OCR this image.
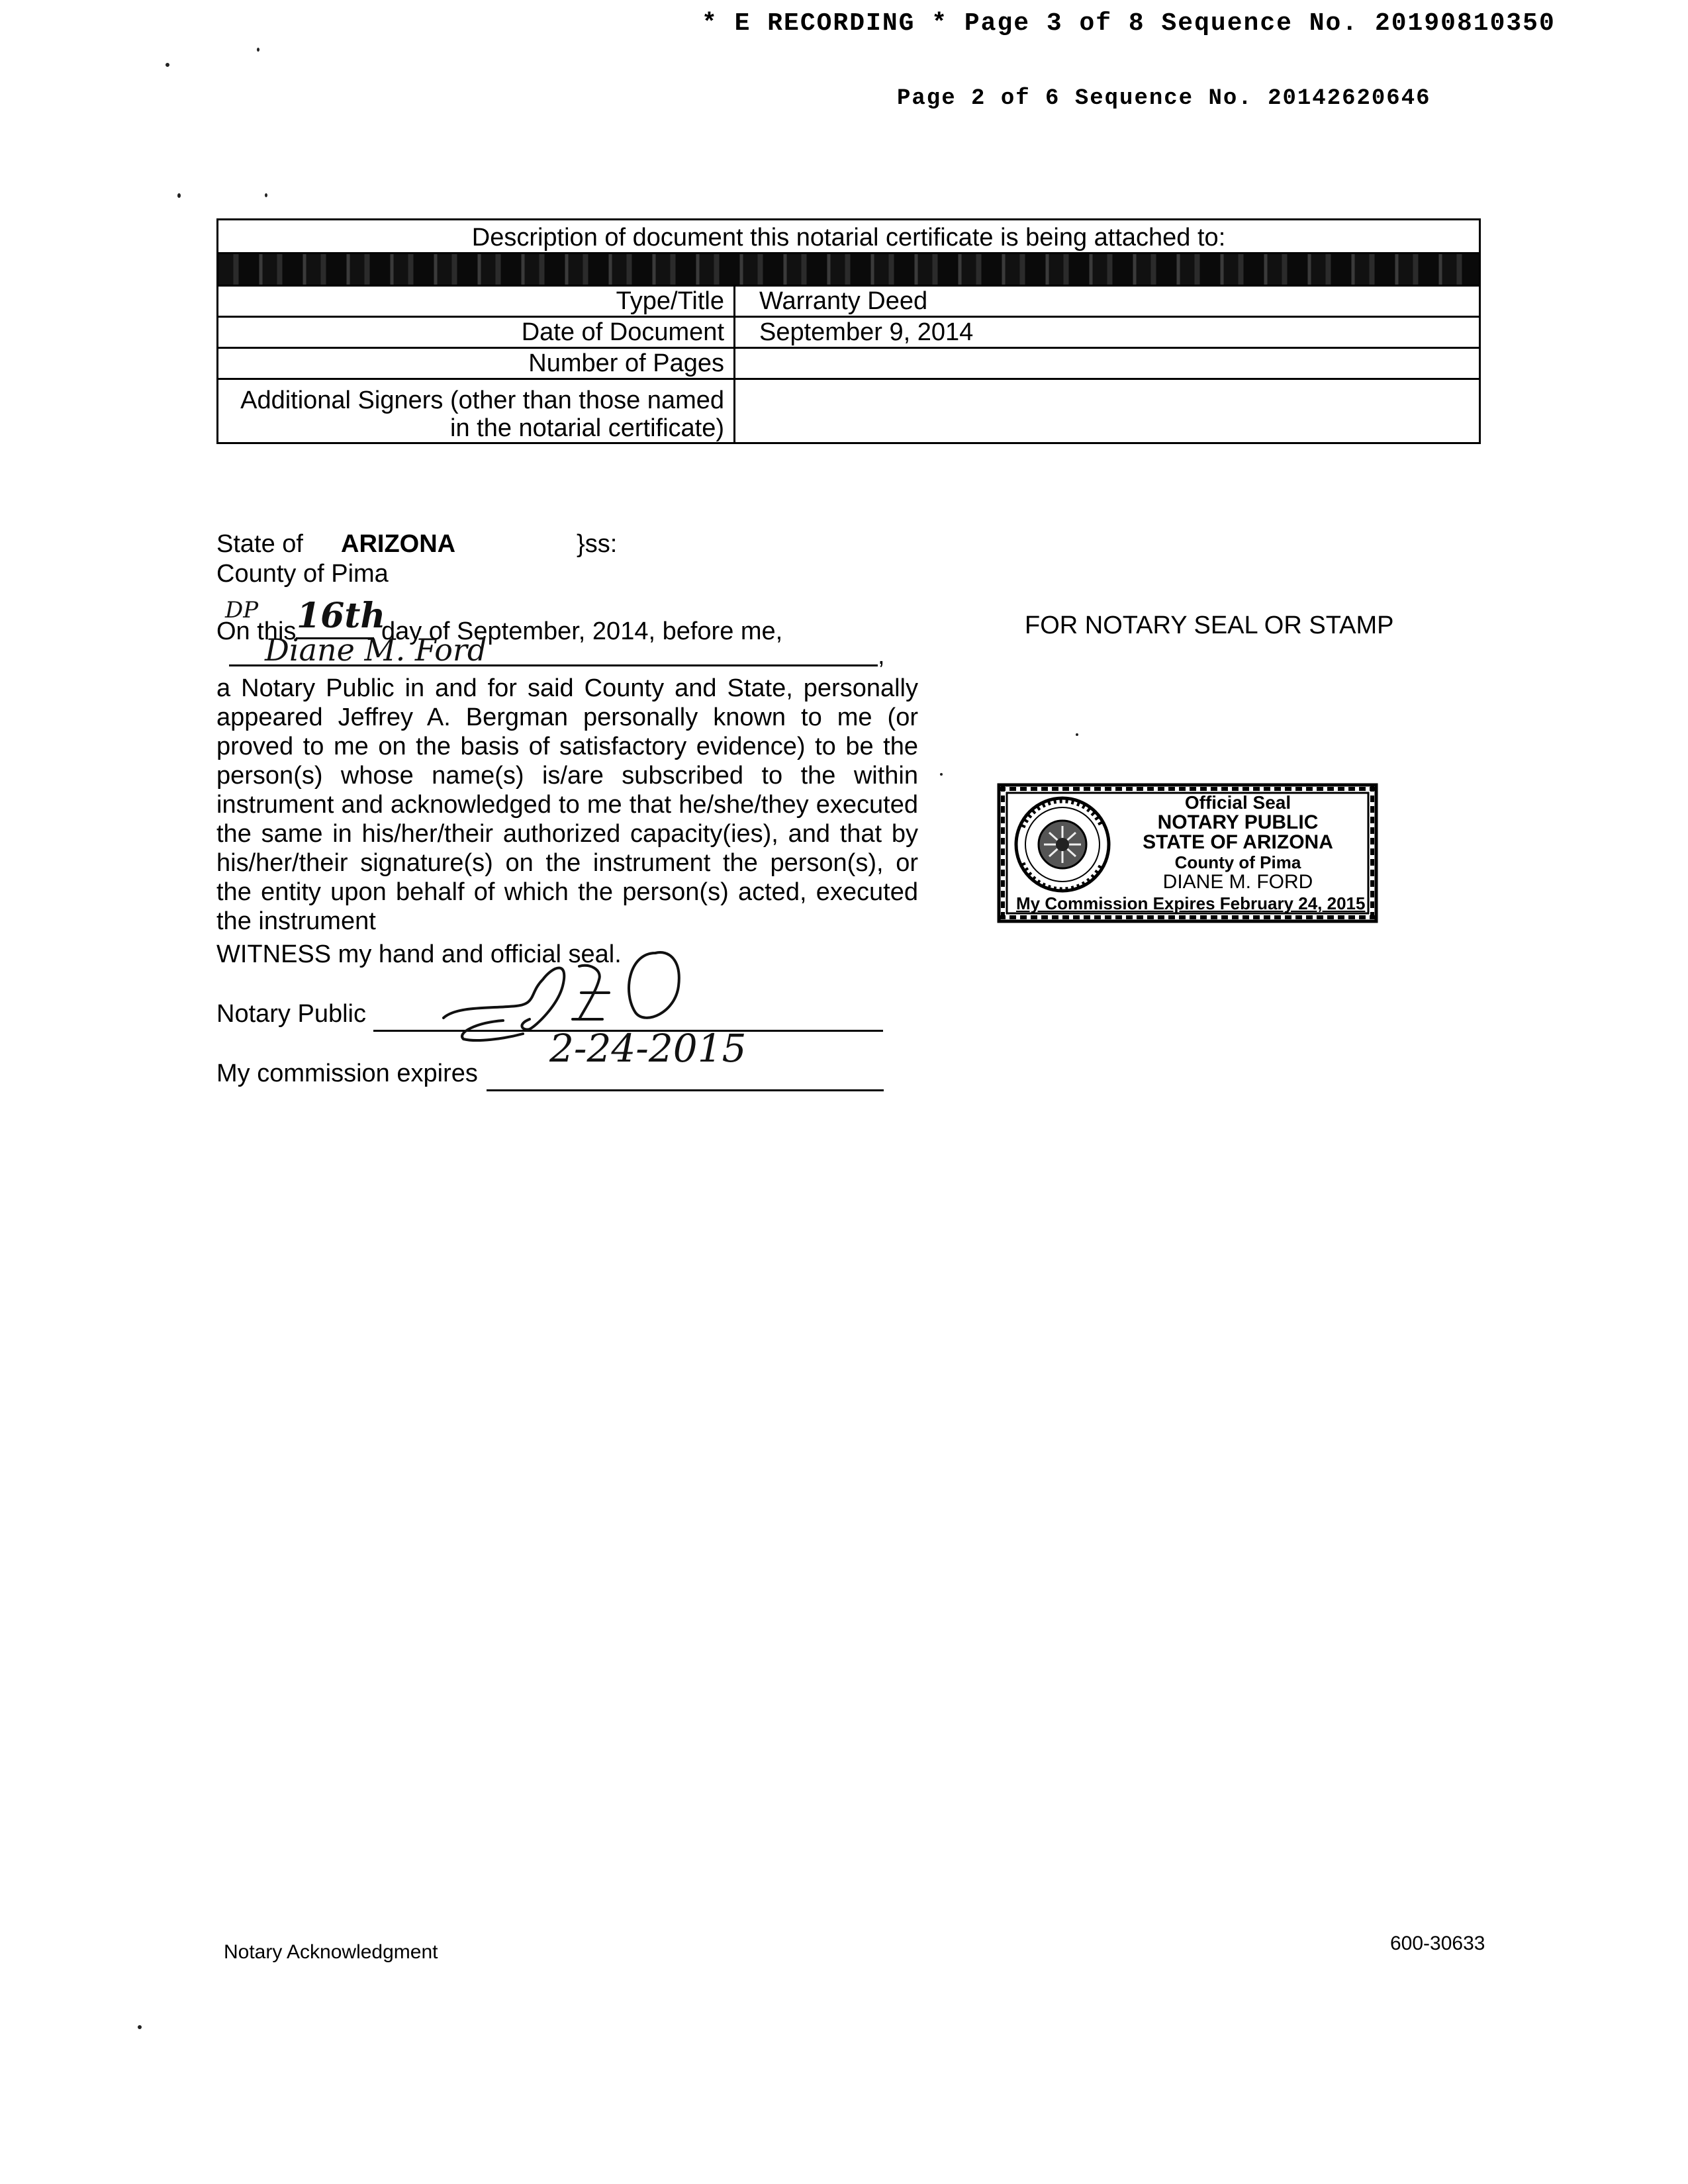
* E RECORDING * Page 3 of 8 Sequence No. 20190810350
Page 2 of 6 Sequence No. 20142620646
Description of document this notarial certificate is being attached to:	

Type/Title	Warranty Deed
Date of Document	September 9, 2014
Number of Pages	
Additional Signers (other than those named
in the notarial certificate)	
State of ARIZONA	}ss:
County of Pima
On this	day of September, 2014, before me,
DP 16th	FOR NOTARY SEAL OR STAMP
Diane M. Ford	,
a Notary Public in and for said County and State, personally
appeared Jeffrey A. Bergman personally known to me (or
proved to me on the basis of satisfactory evidence) to be the
person(s) whose name(s) is/are subscribed to the within
instrument and acknowledged to me that he/she/they executed
the same in his/her/their authorized capacity(ies), and that by
his/her/their signature(s) on the instrument the person(s), or
the entity upon behalf of which the person(s) acted, executed
the instrument
WITNESS my hand and official seal.
Notary Public
My commission expires
2-24-2015
Official Seal
NOTARY PUBLIC
STATE OF ARIZONA
County of Pima
DIANE M. FORD
My Commission Expires February 24, 2015
Notary Acknowledgment	600-30633
